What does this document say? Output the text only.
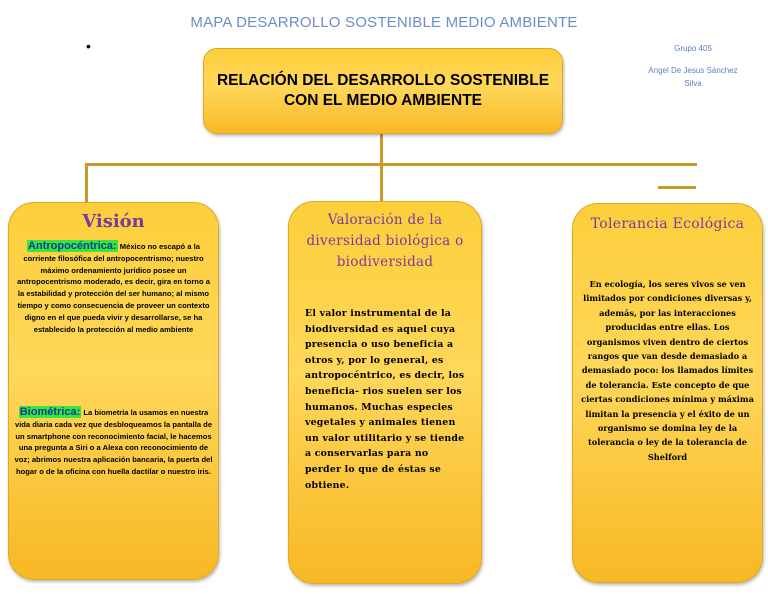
MAPA DESARROLLO SOSTENIBLE MEDIO AMBIENTE
•	Grupo 405
Angel De Jesus Sánchez
Silva
RELACIÓN DEL DESARROLLO SOSTENIBLE CON EL MEDIO AMBIENTE
Visión
Antropocéntrica: México no escapó a la corriente filosófica del antropocentrismo; nuestro máximo ordenamiento jurídico posee un antropocentrismo moderado, es decir, gira en torno a la estabilidad y protección del ser humano; al mismo tiempo y como consecuencia de proveer un contexto digno en el que pueda vivir y desarrollarse, se ha establecido la protección al medio ambiente
Biométrica: La biometría la usamos en nuestra vida diaria cada vez que desbloqueamos la pantalla de un smartphone con reconocimiento facial, le hacemos una pregunta a Siri o a Alexa con reconocimiento de voz; abrimos nuestra aplicación bancaria, la puerta del hogar o de la oficina con huella dactilar o nuestro iris.
Valoración de la diversidad biológica o biodiversidad
El valor instrumental de la biodiversidad es aquel cuya presencia o uso beneficia a otros y, por lo general, es antropocéntrico, es decir, los beneficia- rios suelen ser los humanos. Muchas especies vegetales y animales tienen un valor utilitario y se tiende a conservarlas para no perder lo que de éstas se obtiene.
Tolerancia Ecológica
En ecología, los seres vivos se ven limitados por condiciones diversas y, además, por las interacciones producidas entre ellas. Los organismos viven dentro de ciertos rangos que van desde demasiado a demasiado poco: los llamados límites de tolerancia. Este concepto de que ciertas condiciones mínima y máxima limitan la presencia y el éxito de un organismo se domina ley de la tolerancia o ley de la tolerancia de Shelford
